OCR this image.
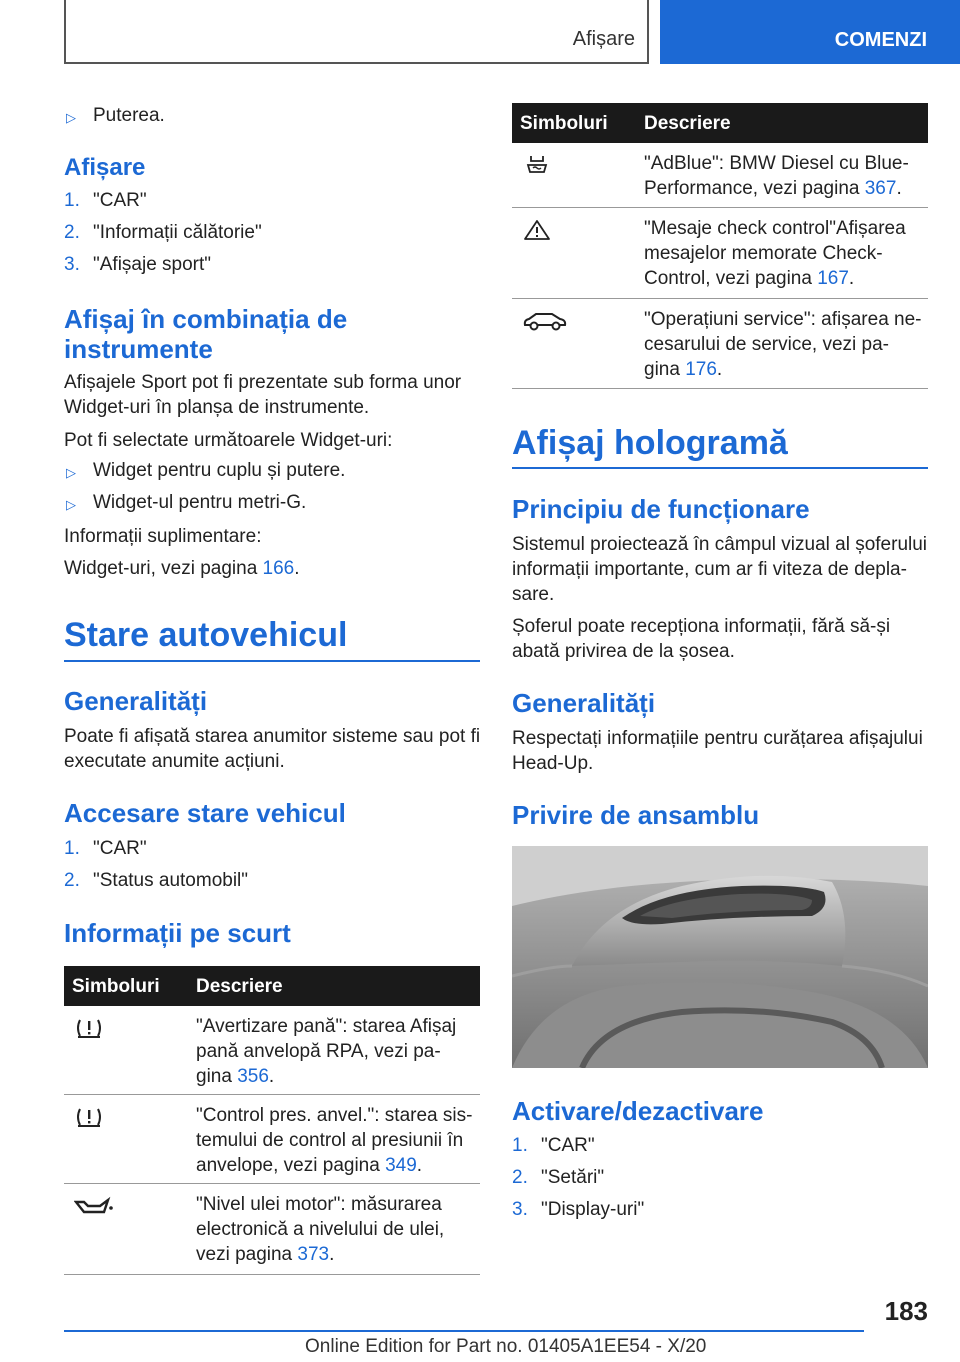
Afișare	COMENZI
▷ Puterea.
Afișare
1. "CAR"
2. "Informații călătorie"
3. "Afișaje sport"
Afișaj în combinația de
instrumente
Afișajele Sport pot fi prezentate sub forma unor
Widget-uri în planșa de instrumente.
Pot fi selectate următoarele Widget-uri:
▷ Widget pentru cuplu și putere.
▷ Widget-ul pentru metri-G.
Informații suplimentare:
Widget-uri, vezi pagina 166.
Stare autovehicul
Generalități
Poate fi afișată starea anumitor sisteme sau pot fi
executate anumite acțiuni.
Accesare stare vehicul
1. "CAR"
2. "Status automobil"
Informații pe scurt
Simboluri Descriere
"Avertizare pană": starea Afișaj
pană anvelopă RPA, vezi pa-
gina 356.
"Control pres. anvel.": starea sis-
temului de control al presiunii în
anvelope, vezi pagina 349.
"Nivel ulei motor": măsurarea
electronică a nivelului de ulei,
vezi pagina 373.
Simboluri Descriere
"AdBlue": BMW Diesel cu Blue-
Performance, vezi pagina 367.
"Mesaje check control"Afișarea
mesajelor memorate Check-
Control, vezi pagina 167.
"Operațiuni service": afișarea ne-
cesarului de service, vezi pa-
gina 176.
Afișaj hologramă
Principiu de funcționare
Sistemul proiectează în câmpul vizual al șoferului
informații importante, cum ar fi viteza de depla-
sare.
Șoferul poate recepționa informații, fără să-și
abată privirea de la șosea.
Generalități
Respectați informațiile pentru curățarea afișajului
Head-Up.
Privire de ansamblu
Activare/dezactivare
1. "CAR"
2. "Setări"
3. "Display-uri"
183
Online Edition for Part no. 01405A1EE54 - X/20
